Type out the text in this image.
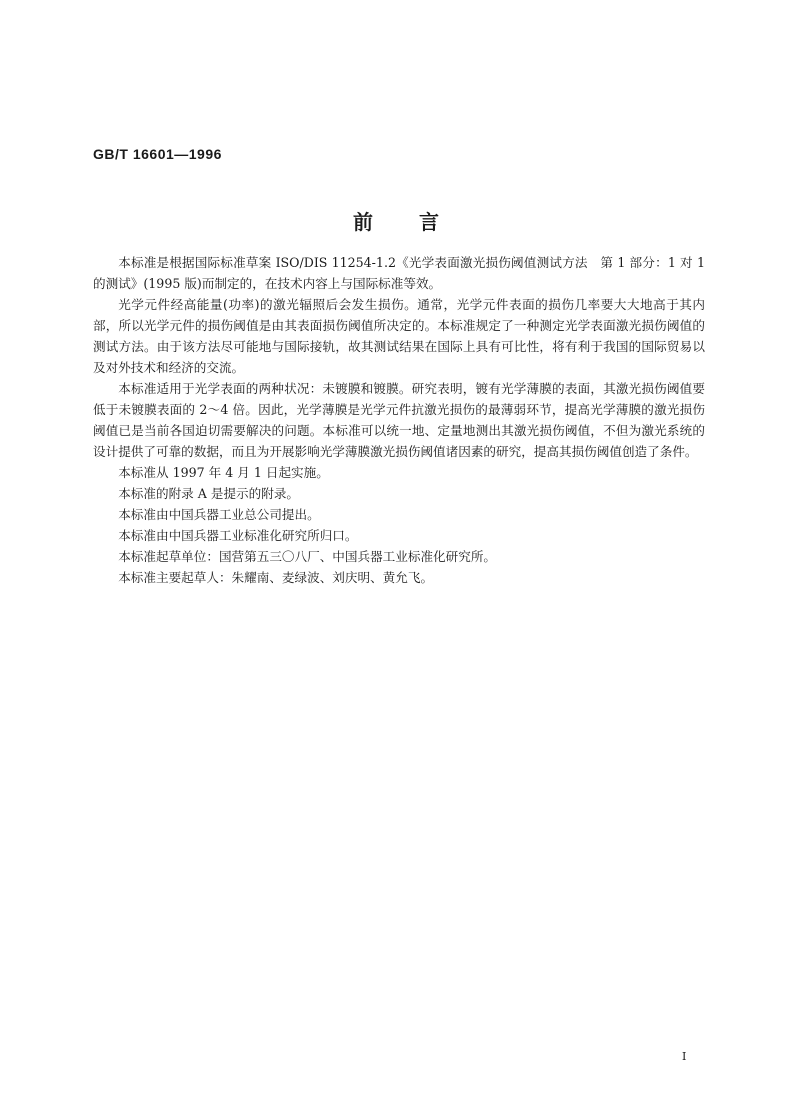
GB/T 16601—1996
前 言

本标准是根据国际标准草案 ISO/DIS 11254-1.2《光学表面激光损伤阈值测试方法　第 1 部分：1 对 1 的测试》(1995 版)而制定的，在技术内容上与国际标准等效。

光学元件经高能量(功率)的激光辐照后会发生损伤。通常，光学元件表面的损伤几率要大大地高于其内部，所以光学元件的损伤阈值是由其表面损伤阈值所决定的。本标准规定了一种测定光学表面激光损伤阈值的测试方法。由于该方法尽可能地与国际接轨，故其测试结果在国际上具有可比性，将有利于我国的国际贸易以及对外技术和经济的交流。

本标准适用于光学表面的两种状况：未镀膜和镀膜。研究表明，镀有光学薄膜的表面，其激光损伤阈值要低于未镀膜表面的 2～4 倍。因此，光学薄膜是光学元件抗激光损伤的最薄弱环节，提高光学薄膜的激光损伤阈值已是当前各国迫切需要解决的问题。本标准可以统一地、定量地测出其激光损伤阈值，不但为激光系统的设计提供了可靠的数据，而且为开展影响光学薄膜激光损伤阈值诸因素的研究，提高其损伤阈值创造了条件。

本标准从 1997 年 4 月 1 日起实施。

本标准的附录 A 是提示的附录。

本标准由中国兵器工业总公司提出。

本标准由中国兵器工业标准化研究所归口。

本标准起草单位：国营第五三〇八厂、中国兵器工业标准化研究所。

本标准主要起草人：朱耀南、麦绿波、刘庆明、黄允飞。

I
